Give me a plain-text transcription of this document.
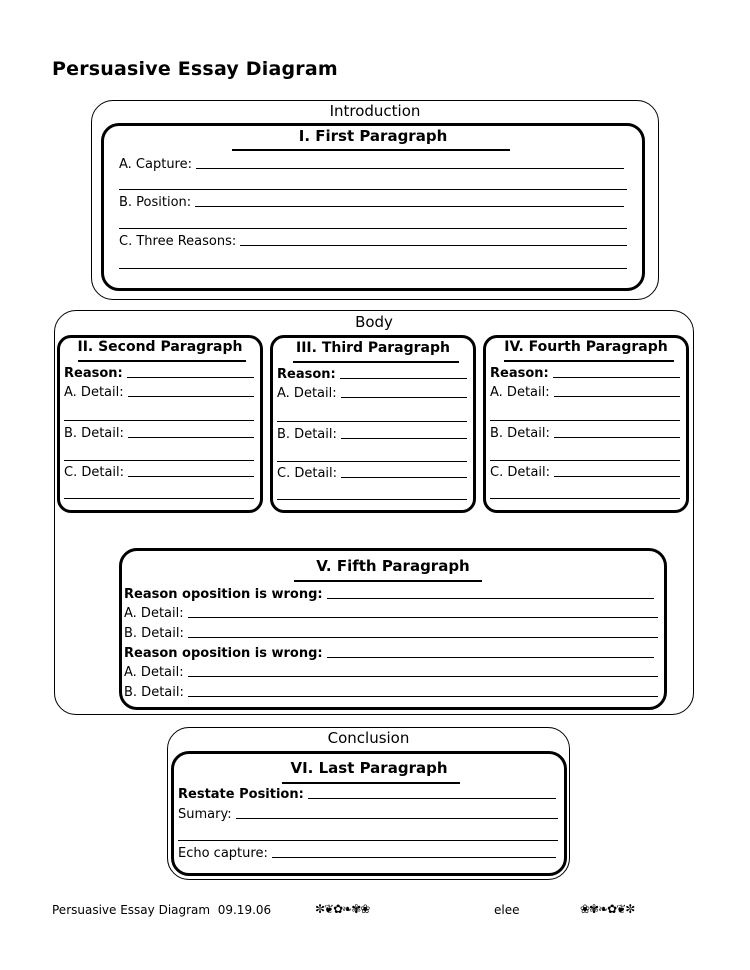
Persuasive Essay Diagram
Introduction
I. First Paragraph
A. Capture:
B. Position:
C. Three Reasons:
Body
II. Second Paragraph
Reason:
A. Detail:
B. Detail:
C. Detail:
III. Third Paragraph
Reason:
A. Detail:
B. Detail:
C. Detail:
IV. Fourth Paragraph
Reason:
A. Detail:
B. Detail:
C. Detail:
V. Fifth Paragraph
Reason oposition is wrong:
A. Detail:
B. Detail:
Reason oposition is wrong:
A. Detail:
B. Detail:
Conclusion
VI. Last Paragraph
Restate Position:
Sumary:
Echo capture:
Persuasive Essay Diagram  09.19.06	✼❦✿❧✾❀	elee	❀✾❧✿❦✼
